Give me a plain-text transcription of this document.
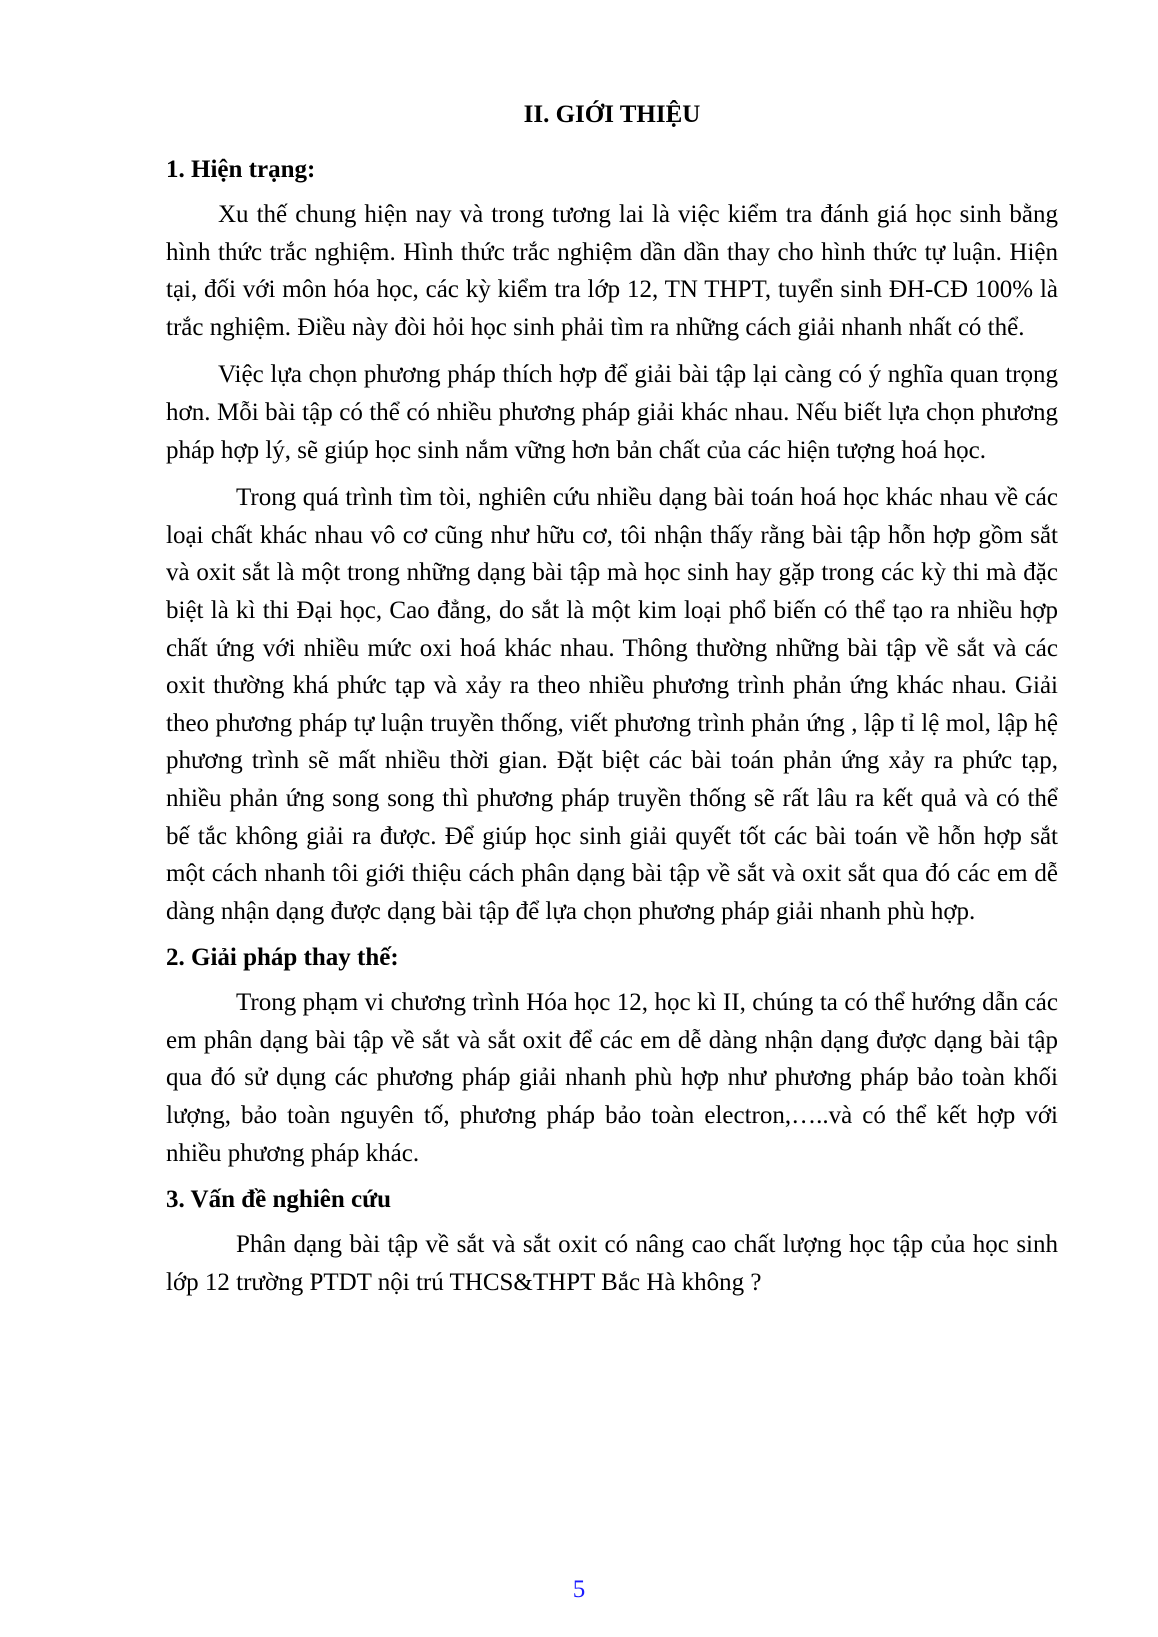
II. GIỚI THIỆU
1. Hiện trạng:

Xu thế chung hiện nay và trong tương lai là việc kiểm tra đánh giá học sinh bằng hình thức trắc nghiệm. Hình thức trắc nghiệm dần dần thay cho hình thức tự luận. Hiện tại, đối với môn hóa học, các kỳ kiểm tra lớp 12, TN THPT, tuyển sinh ĐH-CĐ 100% là trắc nghiệm. Điều này đòi hỏi học sinh phải tìm ra những cách giải nhanh nhất có thể.

Việc lựa chọn phương pháp thích hợp để giải bài tập lại càng có ý nghĩa quan trọng hơn. Mỗi bài tập có thể có nhiều phương pháp giải khác nhau. Nếu biết lựa chọn phương pháp hợp lý, sẽ giúp học sinh nắm vững hơn bản chất của các hiện tượng hoá học.

Trong quá trình tìm tòi, nghiên cứu nhiều dạng bài toán hoá học khác nhau về các loại chất khác nhau vô cơ cũng như hữu cơ, tôi nhận thấy rằng bài tập hỗn hợp gồm sắt và oxit sắt là một trong những dạng bài tập mà học sinh hay gặp trong các kỳ thi mà đặc biệt là kì thi Đại học, Cao đẳng, do sắt là một kim loại phổ biến có thể tạo ra nhiều hợp chất ứng với nhiều mức oxi hoá khác nhau. Thông thường những bài tập về sắt và các oxit thường khá phức tạp và xảy ra theo nhiều phương trình phản ứng khác nhau. Giải theo phương pháp tự luận truyền thống, viết phương trình phản ứng , lập tỉ lệ mol, lập hệ phương trình sẽ mất nhiều thời gian. Đặt biệt các bài toán phản ứng xảy ra phức tạp, nhiều phản ứng song song thì phương pháp truyền thống sẽ rất lâu ra kết quả và có thể bế tắc không giải ra được. Để giúp học sinh giải quyết tốt các bài toán về hỗn hợp sắt một cách nhanh tôi giới thiệu cách phân dạng bài tập về sắt và oxit sắt qua đó các em dễ dàng nhận dạng được dạng bài tập để lựa chọn phương pháp giải nhanh phù hợp.

2. Giải pháp thay thế:

Trong phạm vi chương trình Hóa học 12, học kì II, chúng ta có thể hướng dẫn các em phân dạng bài tập về sắt và sắt oxit để các em dễ dàng nhận dạng được dạng bài tập qua đó sử dụng các phương pháp giải nhanh phù hợp như phương pháp bảo toàn khối lượng, bảo toàn nguyên tố, phương pháp bảo toàn electron,…..và có thể kết hợp với nhiều phương pháp khác.

3. Vấn đề nghiên cứu

Phân dạng bài tập về sắt và sắt oxit có nâng cao chất lượng học tập của học sinh lớp 12 trường PTDT nội trú THCS&THPT Bắc Hà không ?

5
